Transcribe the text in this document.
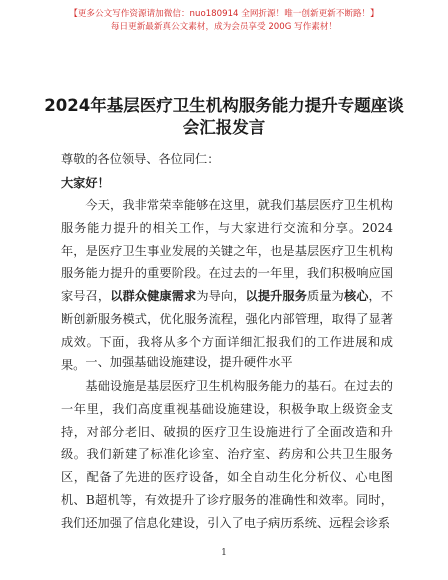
【更多公文写作资源请加微信：nuo180914 全网折源！唯一创新更新不断路！】
每日更新最新真公文素材，成为会员享受 200G 写作素材！
2024年基层医疗卫生机构服务能力提升专题座谈会汇报发言
尊敬的各位领导、各位同仁：
大家好！

今天，我非常荣幸能够在这里，就我们基层医疗卫生机构服务能力提升的相关工作，与大家进行交流和分享。2024年，是医疗卫生事业发展的关键之年，也是基层医疗卫生机构服务能力提升的重要阶段。在过去的一年里，我们积极响应国家号召，以群众健康需求为导向，以提升服务质量为核心，不断创新服务模式，优化服务流程，强化内部管理，取得了显著成效。下面，我将从多个方面详细汇报我们的工作进展和成果。 一、加强基础设施建设，提升硬件水平

基础设施是基层医疗卫生机构服务能力的基石。在过去的一年里，我们高度重视基础设施建设，积极争取上级资金支持，对部分老旧、破损的医疗卫生设施进行了全面改造和升级。我们新建了标准化诊室、治疗室、药房和公共卫生服务区，配备了先进的医疗设备，如全自动生化分析仪、心电图机、B超机等，有效提升了诊疗服务的准确性和效率。同时，我们还加强了信息化建设，引入了电子病历系统、远程会诊系

1
